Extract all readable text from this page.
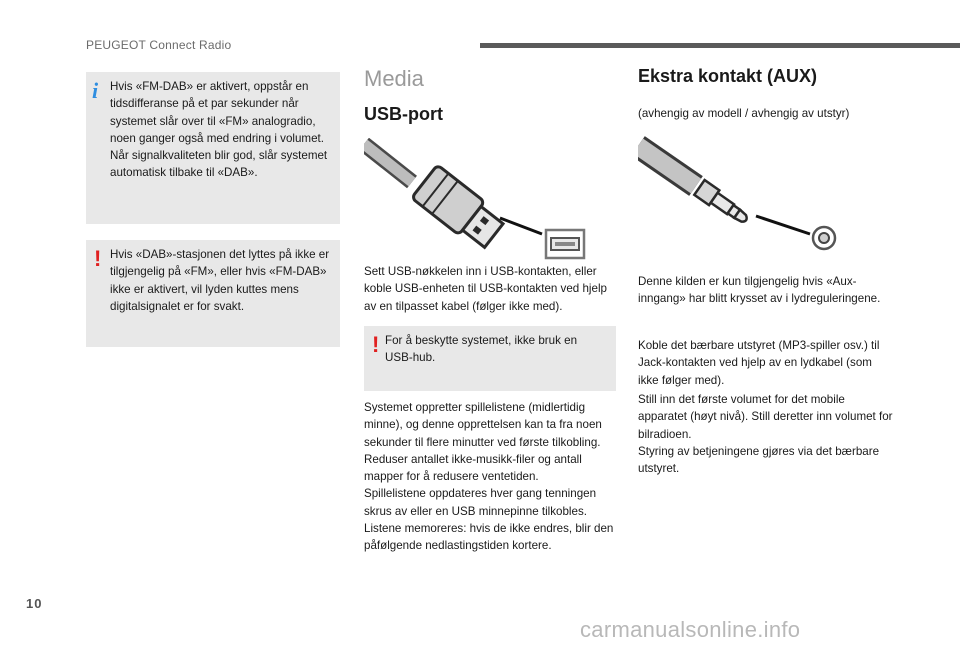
PEUGEOT Connect Radio
i Hvis «FM-DAB» er aktivert, oppstår en tidsdifferanse på et par sekunder når systemet slår over til «FM» analogradio, noen ganger også med endring i volumet. Når signalkvaliteten blir god, slår systemet automatisk tilbake til «DAB».
! Hvis «DAB»-stasjonen det lyttes på ikke er tilgjengelig på «FM», eller hvis «FM-DAB» ikke er aktivert, vil lyden kuttes mens digitalsignalet er for svakt.
Media
USB-port
Sett USB-nøkkelen inn i USB-kontakten, eller koble USB-enheten til USB-kontakten ved hjelp av en tilpasset kabel (følger ikke med).
! For å beskytte systemet, ikke bruk en USB-hub.
Systemet oppretter spillelistene (midlertidig minne), og denne opprettelsen kan ta fra noen sekunder til flere minutter ved første tilkobling.
Reduser antallet ikke-musikk-filer og antall mapper for å redusere ventetiden.
Spillelistene oppdateres hver gang tenningen skrus av eller en USB minnepinne tilkobles.
Listene memoreres: hvis de ikke endres, blir den påfølgende nedlastingstiden kortere.
Ekstra kontakt (AUX)
(avhengig av modell / avhengig av utstyr)
Denne kilden er kun tilgjengelig hvis «Aux-inngang» har blitt krysset av i lydreguleringene.
Koble det bærbare utstyret (MP3-spiller osv.) til Jack-kontakten ved hjelp av en lydkabel (som ikke følger med).
Still inn det første volumet for det mobile apparatet (høyt nivå). Still deretter inn volumet for bilradioen.
Styring av betjeningene gjøres via det bærbare utstyret.
10
carmanualsonline.info
